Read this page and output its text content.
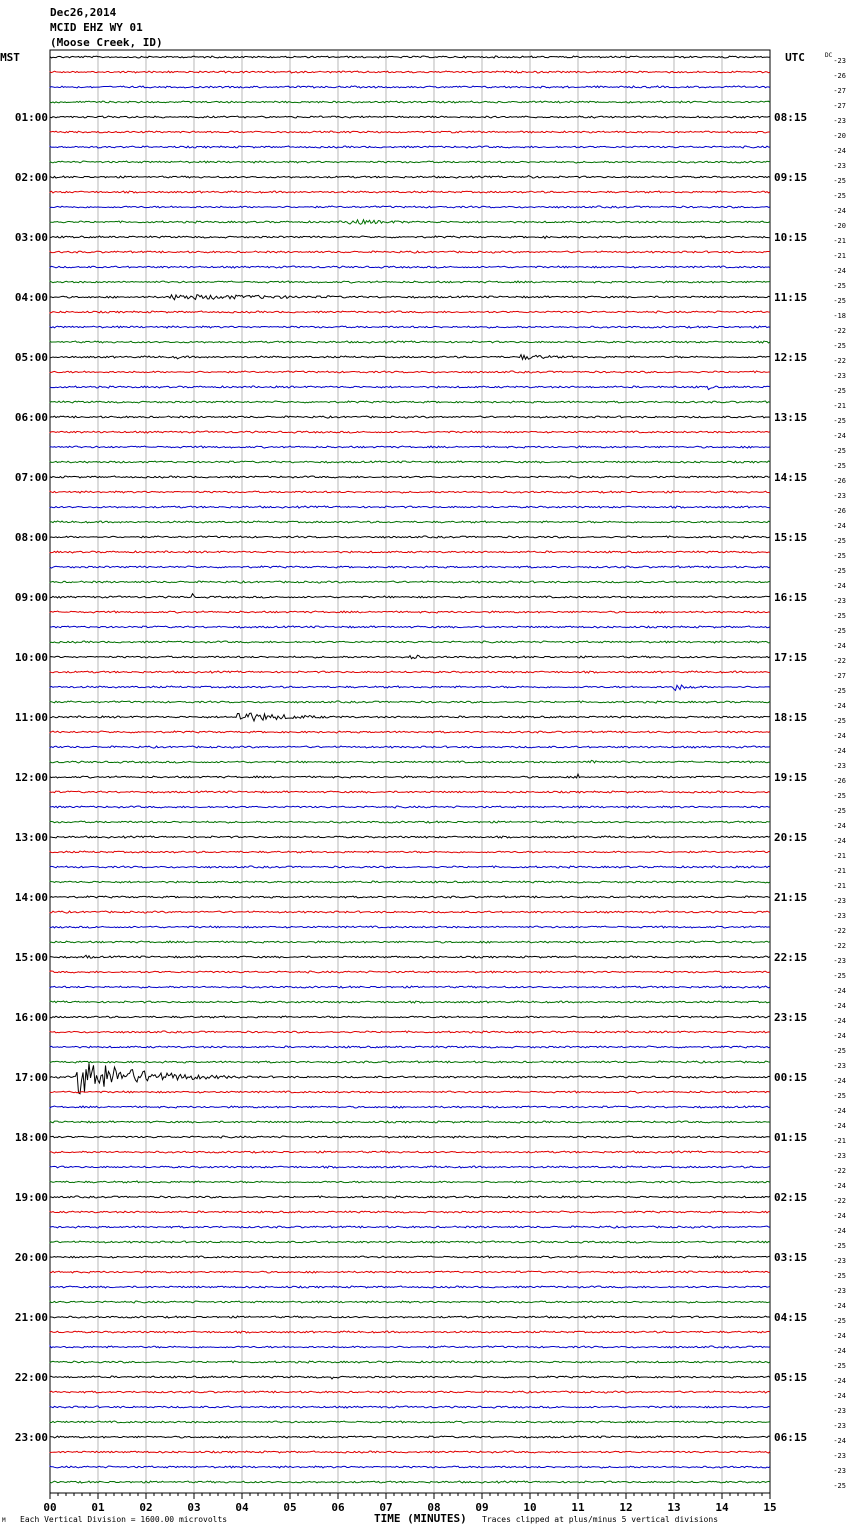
Dec26,2014
MCID EHZ WY 01
(Moose Creek, ID)
-23
-26
-27
-27
-23
-20
-24
-23
-25
-25
-24
-20
-21
-21
-24
-25
-25
-18
-22
-25
-22
-23
-25
-21
-25
-24
-25
-25
-26
-23
-26
-24
-25
-25
-25
-24
-23
-25
-25
-24
-22
-27
-25
-24
-25
-24
-24
-23
-26
-25
-25
-24
-24
-21
-21
-21
-23
-23
-22
-22
-23
-25
-24
-24
-24
-24
-25
-23
-24
-25
-24
-24
-21
-23
-22
-24
-22
-24
-24
-25
-23
-25
-23
-24
-25
-24
-24
-25
-24
-24
-23
-23
-24
-23
-23
-25
MST	UTC	DC
01:00
02:00
03:00
04:00
05:00
06:00
07:00
08:00
09:00
10:00
11:00
12:00
13:00
14:00
15:00
16:00
17:00
18:00
19:00
20:00
21:00
22:00
23:00
08:15
09:15
10:15
11:15
12:15
13:15
14:15
15:15
16:15
17:15
18:15
19:15
20:15
21:15
22:15
23:15
00:15
01:15
02:15
03:15
04:15
05:15
06:15
00	01	02	03	04	05	06	07	08	09	10	11	12	13	14	15
M Each Vertical Division = 1600.00 microvolts	TIME (MINUTES) Traces clipped at plus/minus 5 vertical divisions
